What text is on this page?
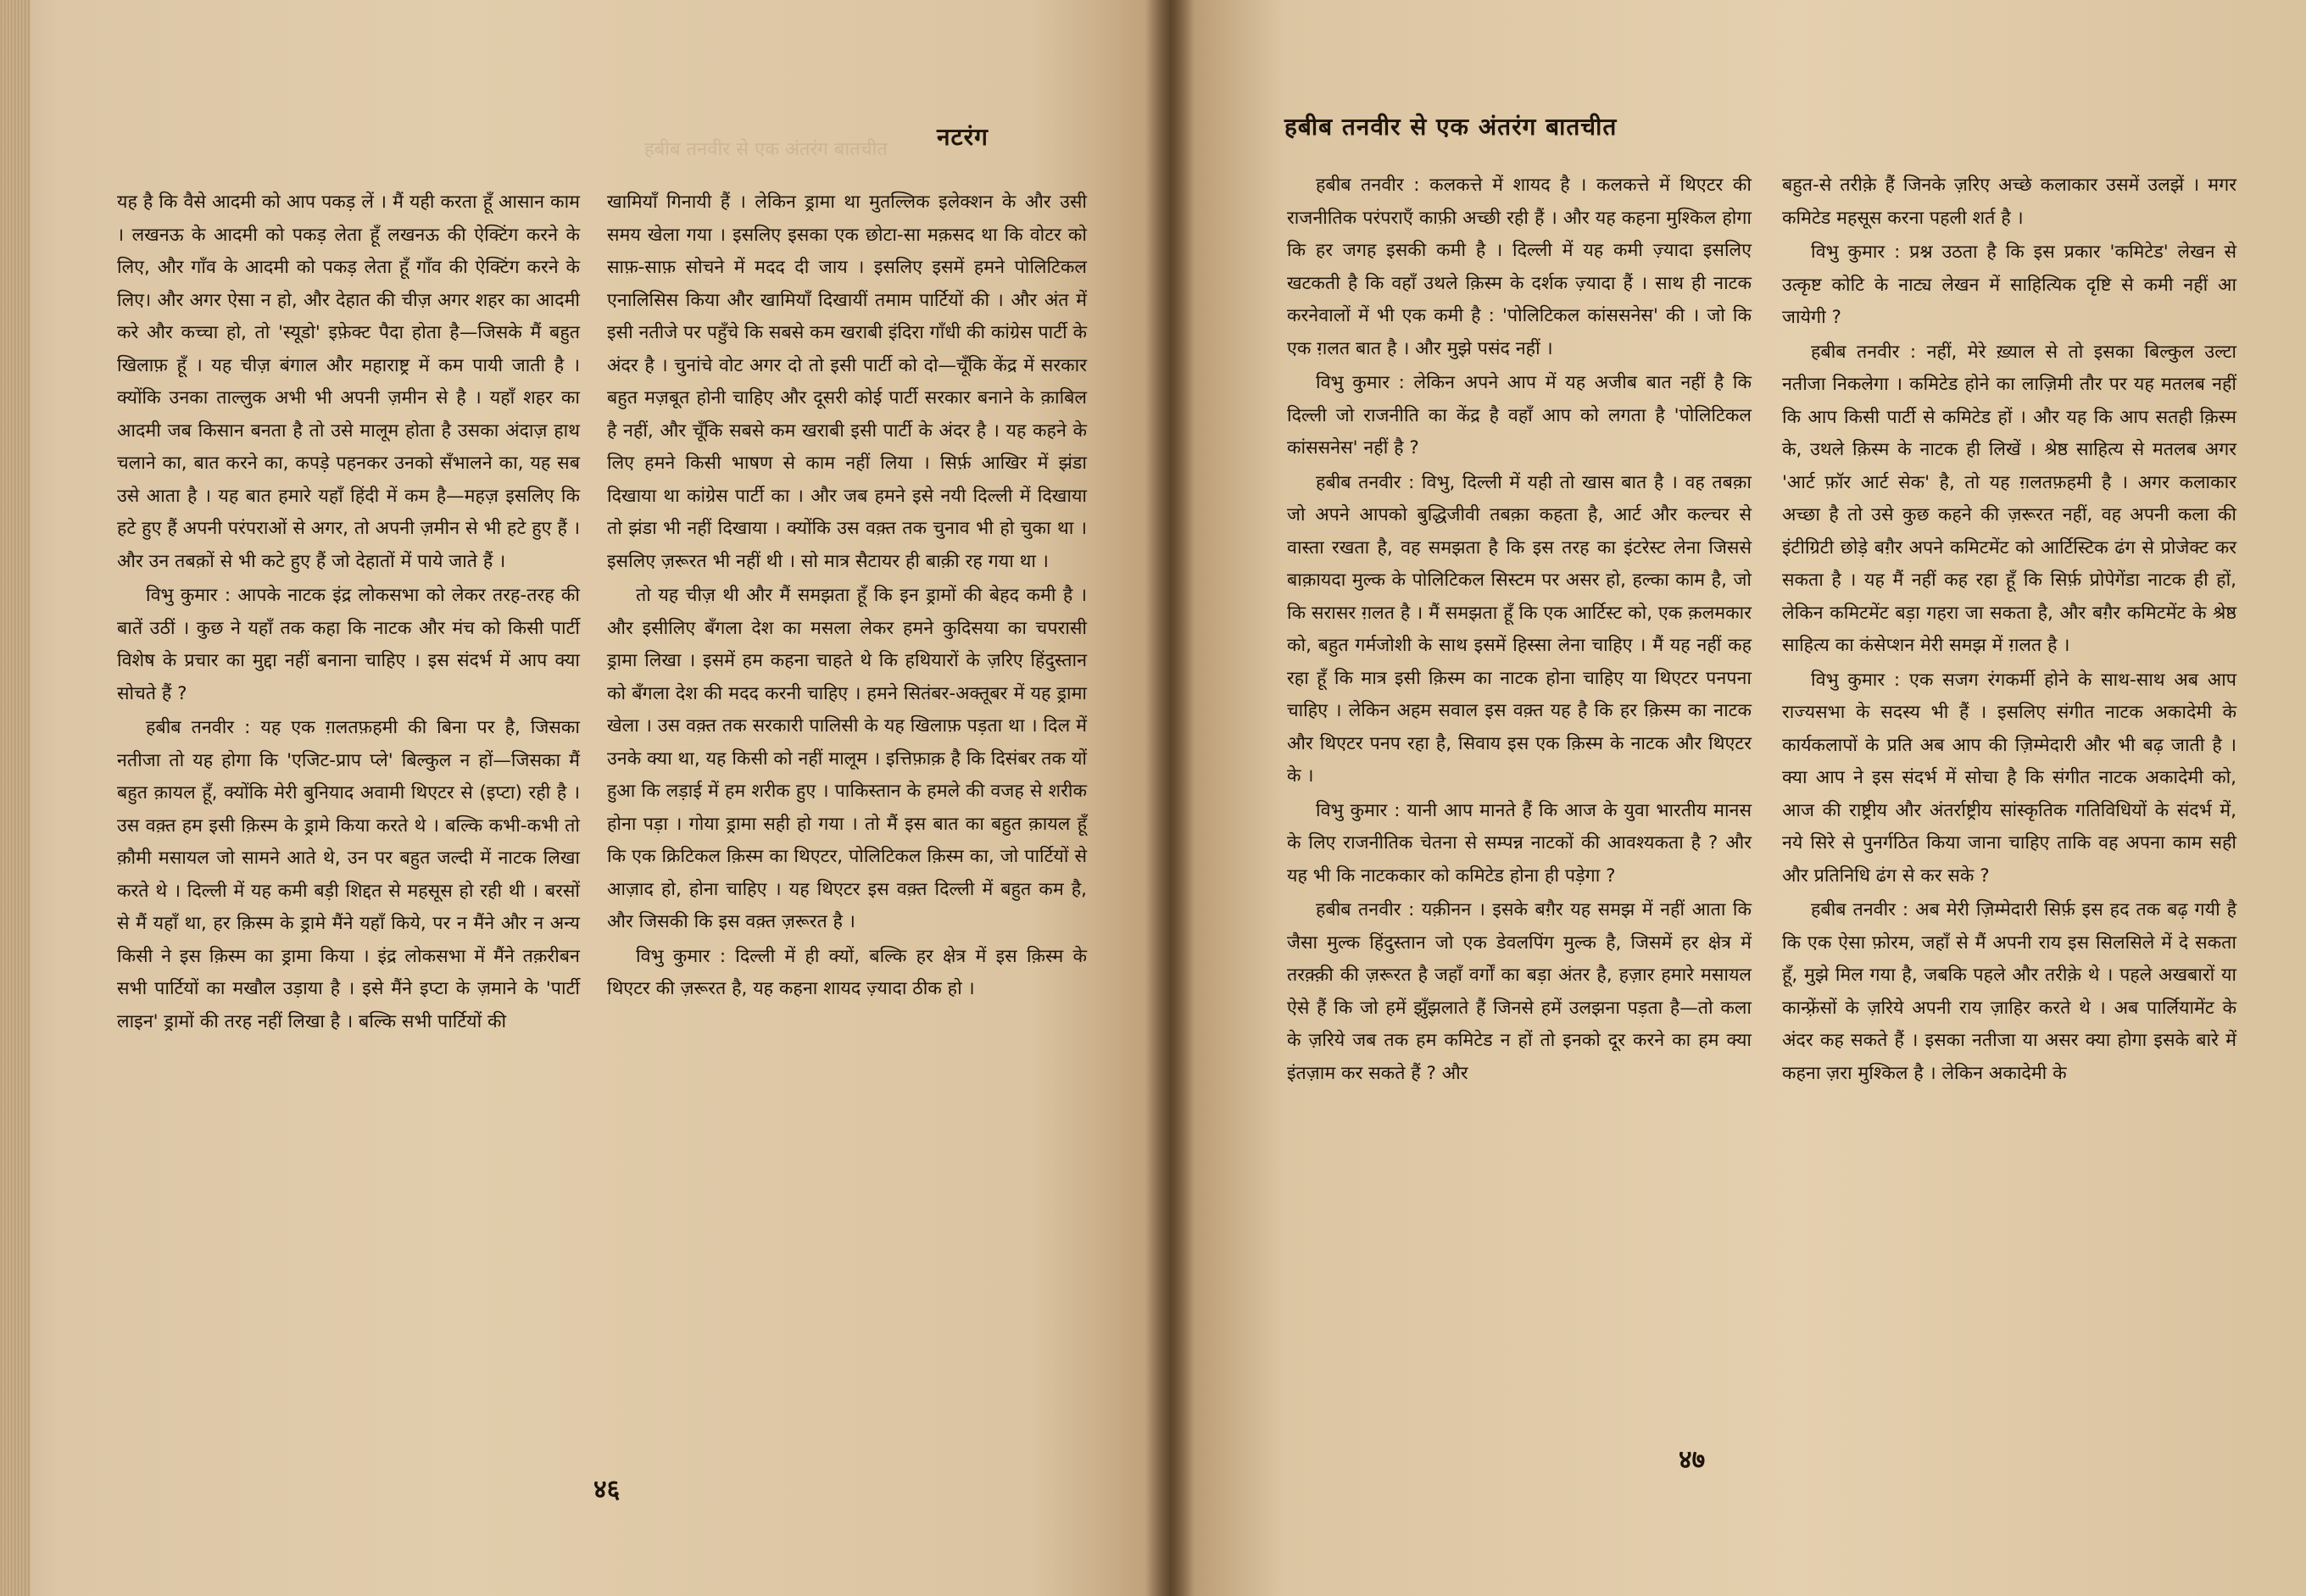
हबीब तनवीर से एक अंतरंग बातचीत नटरंग

यह है कि वैसे आदमी को आप पकड़ लें । मैं यही करता हूँ आसान काम । लखनऊ के आदमी को पकड़ लेता हूँ लखनऊ की ऐक्टिंग करने के लिए, और गाँव के आदमी को पकड़ लेता हूँ गाँव की ऐक्टिंग करने के लिए। और अगर ऐसा न हो, और देहात की चीज़ अगर शहर का आदमी करे और कच्चा हो, तो 'स्यूडो' इफ़ेक्ट पैदा होता है—जिसके मैं बहुत खिलाफ़ हूँ । यह चीज़ बंगाल और महाराष्ट्र में कम पायी जाती है । क्योंकि उनका ताल्लुक अभी भी अपनी ज़मीन से है । यहाँ शहर का आदमी जब किसान बनता है तो उसे मालूम होता है उसका अंदाज़ हाथ चलाने का, बात करने का, कपड़े पहनकर उनको सँभालने का, यह सब उसे आता है । यह बात हमारे यहाँ हिंदी में कम है—महज़ इसलिए कि हटे हुए हैं अपनी परंपराओं से अगर, तो अपनी ज़मीन से भी हटे हुए हैं । और उन तबक़ों से भी कटे हुए हैं जो देहातों में पाये जाते हैं ।

विभु कुमार : आपके नाटक इंद्र लोकसभा को लेकर तरह-तरह की बातें उठीं । कुछ ने यहाँ तक कहा कि नाटक और मंच को किसी पार्टी विशेष के प्रचार का मुद्दा नहीं बनाना चाहिए । इस संदर्भ में आप क्या सोचते हैं ?

हबीब तनवीर : यह एक ग़लतफ़हमी की बिना पर है, जिसका नतीजा तो यह होगा कि 'एजिट-प्राप प्ले' बिल्कुल न हों—जिसका मैं बहुत क़ायल हूँ, क्योंकि मेरी बुनियाद अवामी थिएटर से (इप्टा) रही है । उस वक़्त हम इसी क़िस्म के ड्रामे किया करते थे । बल्कि कभी-कभी तो क़ौमी मसायल जो सामने आते थे, उन पर बहुत जल्दी में नाटक लिखा करते थे । दिल्ली में यह कमी बड़ी शिद्दत से महसूस हो रही थी । बरसों से मैं यहाँ था, हर क़िस्म के ड्रामे मैंने यहाँ किये, पर न मैंने और न अन्य किसी ने इस क़िस्म का ड्रामा किया । इंद्र लोकसभा में मैंने तक़रीबन सभी पार्टियों का मखौल उड़ाया है । इसे मैंने इप्टा के ज़माने के 'पार्टी लाइन' ड्रामों की तरह नहीं लिखा है । बल्कि सभी पार्टियों की

खामियाँ गिनायी हैं । लेकिन ड्रामा था मुतल्लिक इलेक्शन के और उसी समय खेला गया । इसलिए इसका एक छोटा-सा मक़सद था कि वोटर को साफ़-साफ़ सोचने में मदद दी जाय । इसलिए इसमें हमने पोलिटिकल एनालिसिस किया और खामियाँ दिखायीं तमाम पार्टियों की । और अंत में इसी नतीजे पर पहुँचे कि सबसे कम खराबी इंदिरा गाँधी की कांग्रेस पार्टी के अंदर है । चुनांचे वोट अगर दो तो इसी पार्टी को दो—चूँकि केंद्र में सरकार बहुत मज़बूत होनी चाहिए और दूसरी कोई पार्टी सरकार बनाने के क़ाबिल है नहीं, और चूँकि सबसे कम खराबी इसी पार्टी के अंदर है । यह कहने के लिए हमने किसी भाषण से काम नहीं लिया । सिर्फ़ आखिर में झंडा दिखाया था कांग्रेस पार्टी का । और जब हमने इसे नयी दिल्ली में दिखाया तो झंडा भी नहीं दिखाया । क्योंकि उस वक़्त तक चुनाव भी हो चुका था । इसलिए ज़रूरत भी नहीं थी । सो मात्र सैटायर ही बाक़ी रह गया था ।

तो यह चीज़ थी और मैं समझता हूँ कि इन ड्रामों की बेहद कमी है । और इसीलिए बँगला देश का मसला लेकर हमने कुदिसया का चपरासी ड्रामा लिखा । इसमें हम कहना चाहते थे कि हथियारों के ज़रिए हिंदुस्तान को बँगला देश की मदद करनी चाहिए । हमने सितंबर-अक्तूबर में यह ड्रामा खेला । उस वक़्त तक सरकारी पालिसी के यह खिलाफ़ पड़ता था । दिल में उनके क्या था, यह किसी को नहीं मालूम । इत्तिफ़ाक़ है कि दिसंबर तक यों हुआ कि लड़ाई में हम शरीक हुए । पाकिस्तान के हमले की वजह से शरीक होना पड़ा । गोया ड्रामा सही हो गया । तो मैं इस बात का बहुत क़ायल हूँ कि एक क्रिटिकल क़िस्म का थिएटर, पोलिटिकल क़िस्म का, जो पार्टियों से आज़ाद हो, होना चाहिए । यह थिएटर इस वक़्त दिल्ली में बहुत कम है, और जिसकी कि इस वक़्त ज़रूरत है ।

विभु कुमार : दिल्ली में ही क्यों, बल्कि हर क्षेत्र में इस क़िस्म के थिएटर की ज़रूरत है, यह कहना शायद ज़्यादा ठीक हो ।

४६
हबीब तनवीर से एक अंतरंग बातचीत

हबीब तनवीर : कलकत्ते में शायद है । कलकत्ते में थिएटर की राजनीतिक परंपराएँ काफ़ी अच्छी रही हैं । और यह कहना मुश्किल होगा कि हर जगह इसकी कमी है । दिल्ली में यह कमी ज़्यादा इसलिए खटकती है कि वहाँ उथले क़िस्म के दर्शक ज़्यादा हैं । साथ ही नाटक करनेवालों में भी एक कमी है : 'पोलिटिकल कांससनेस' की । जो कि एक ग़लत बात है । और मुझे पसंद नहीं ।

विभु कुमार : लेकिन अपने आप में यह अजीब बात नहीं है कि दिल्ली जो राजनीति का केंद्र है वहाँ आप को लगता है 'पोलिटिकल कांससनेस' नहीं है ?

हबीब तनवीर : विभु, दिल्ली में यही तो खास बात है । वह तबक़ा जो अपने आपको बुद्धिजीवी तबक़ा कहता है, आर्ट और कल्चर से वास्ता रखता है, वह समझता है कि इस तरह का इंटरेस्ट लेना जिससे बाक़ायदा मुल्क के पोलिटिकल सिस्टम पर असर हो, हल्का काम है, जो कि सरासर ग़लत है । मैं समझता हूँ कि एक आर्टिस्ट को, एक क़लमकार को, बहुत गर्मजोशी के साथ इसमें हिस्सा लेना चाहिए । मैं यह नहीं कह रहा हूँ कि मात्र इसी क़िस्म का नाटक होना चाहिए या थिएटर पनपना चाहिए । लेकिन अहम सवाल इस वक़्त यह है कि हर क़िस्म का नाटक और थिएटर पनप रहा है, सिवाय इस एक क़िस्म के नाटक और थिएटर के ।

विभु कुमार : यानी आप मानते हैं कि आज के युवा भारतीय मानस के लिए राजनीतिक चेतना से सम्पन्न नाटकों की आवश्यकता है ? और यह भी कि नाटककार को कमिटेड होना ही पड़ेगा ?

हबीब तनवीर : यक़ीनन । इसके बग़ैर यह समझ में नहीं आता कि जैसा मुल्क हिंदुस्तान जो एक डेवलपिंग मुल्क है, जिसमें हर क्षेत्र में तरक़्क़ी की ज़रूरत है जहाँ वर्गों का बड़ा अंतर है, हज़ार हमारे मसायल ऐसे हैं कि जो हमें झुँझलाते हैं जिनसे हमें उलझना पड़ता है—तो कला के ज़रिये जब तक हम कमिटेड न हों तो इनको दूर करने का हम क्या इंतज़ाम कर सकते हैं ? और

बहुत-से तरीक़े हैं जिनके ज़रिए अच्छे कलाकार उसमें उलझें । मगर कमिटेड महसूस करना पहली शर्त है ।

विभु कुमार : प्रश्न उठता है कि इस प्रकार 'कमिटेड' लेखन से उत्कृष्ट कोटि के नाट्य लेखन में साहित्यिक दृष्टि से कमी नहीं आ जायेगी ?

हबीब तनवीर : नहीं, मेरे ख़्याल से तो इसका बिल्कुल उल्टा नतीजा निकलेगा । कमिटेड होने का लाज़िमी तौर पर यह मतलब नहीं कि आप किसी पार्टी से कमिटेड हों । और यह कि आप सतही क़िस्म के, उथले क़िस्म के नाटक ही लिखें । श्रेष्ठ साहित्य से मतलब अगर 'आर्ट फ़ॉर आर्ट सेक' है, तो यह ग़लतफ़हमी है । अगर कलाकार अच्छा है तो उसे कुछ कहने की ज़रूरत नहीं, वह अपनी कला की इंटीग्रिटी छोड़े बग़ैर अपने कमिटमेंट को आर्टिस्टिक ढंग से प्रोजेक्ट कर सकता है । यह मैं नहीं कह रहा हूँ कि सिर्फ़ प्रोपेगेंडा नाटक ही हों, लेकिन कमिटमेंट बड़ा गहरा जा सकता है, और बग़ैर कमिटमेंट के श्रेष्ठ साहित्य का कंसेप्शन मेरी समझ में ग़लत है ।

विभु कुमार : एक सजग रंगकर्मी होने के साथ-साथ अब आप राज्यसभा के सदस्य भी हैं । इसलिए संगीत नाटक अकादेमी के कार्यकलापों के प्रति अब आप की ज़िम्मेदारी और भी बढ़ जाती है । क्या आप ने इस संदर्भ में सोचा है कि संगीत नाटक अकादेमी को, आज की राष्ट्रीय और अंतर्राष्ट्रीय सांस्कृतिक गतिविधियों के संदर्भ में, नये सिरे से पुनर्गठित किया जाना चाहिए ताकि वह अपना काम सही और प्रतिनिधि ढंग से कर सके ?

हबीब तनवीर : अब मेरी ज़िम्मेदारी सिर्फ़ इस हद तक बढ़ गयी है कि एक ऐसा फ़ोरम, जहाँ से मैं अपनी राय इस सिलसिले में दे सकता हूँ, मुझे मिल गया है, जबकि पहले और तरीक़े थे । पहले अखबारों या कान्फ़्रेंसों के ज़रिये अपनी राय ज़ाहिर करते थे । अब पार्लियामेंट के अंदर कह सकते हैं । इसका नतीजा या असर क्या होगा इसके बारे में कहना ज़रा मुश्किल है । लेकिन अकादेमी के

४७
